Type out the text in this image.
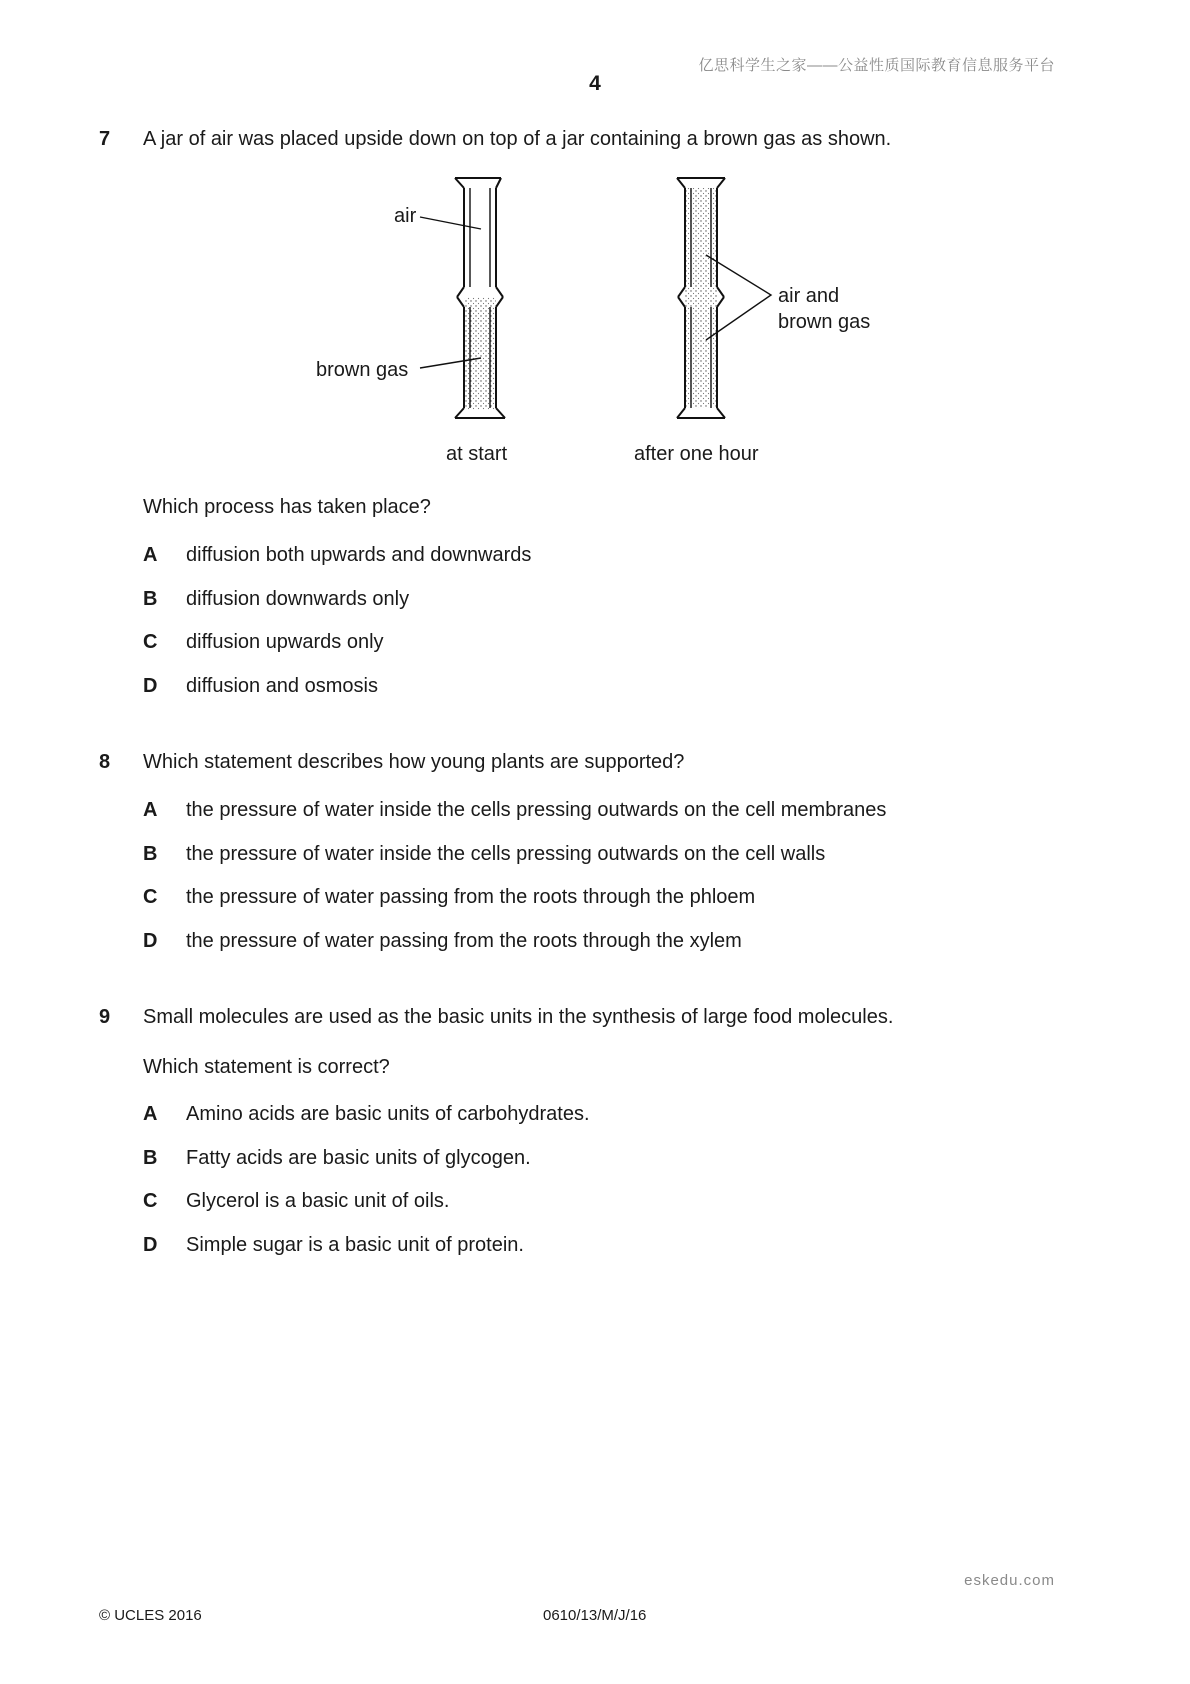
亿思科学生之家——公益性质国际教育信息服务平台
4
7 A jar of air was placed upside down on top of a jar containing a brown gas as shown.
air
brown gas
air and
brown gas
at start	after one hour
Which process has taken place?
A diffusion both upwards and downwards
B diffusion downwards only
C diffusion upwards only
D diffusion and osmosis
8 Which statement describes how young plants are supported?
A the pressure of water inside the cells pressing outwards on the cell membranes
B the pressure of water inside the cells pressing outwards on the cell walls
C the pressure of water passing from the roots through the phloem
D the pressure of water passing from the roots through the xylem
9 Small molecules are used as the basic units in the synthesis of large food molecules.
Which statement is correct?
A Amino acids are basic units of carbohydrates.
B Fatty acids are basic units of glycogen.
C Glycerol is a basic unit of oils.
D Simple sugar is a basic unit of protein.
eskedu.com
© UCLES 2016	0610/13/M/J/16
